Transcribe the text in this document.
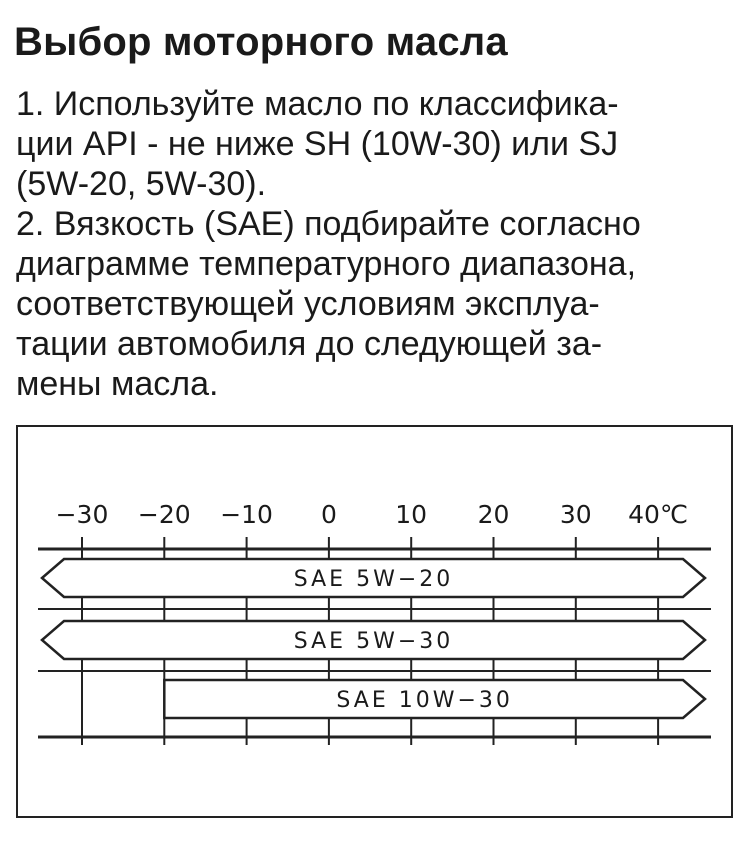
Выбор моторного масла
1. Используйте масло по классифика-
ции API - не ниже SH (10W-30) или SJ
(5W-20, 5W-30).
2. Вязкость (SAE) подбирайте согласно
диаграмме температурного диапазона,
соответствующей условиям эксплуа-
тации автомобиля до следующей за-
мены масла.
−30 −20 −10 0 10 20 30 40℃
SAE 5W−20
SAE 5W−30
SAE 10W−30
